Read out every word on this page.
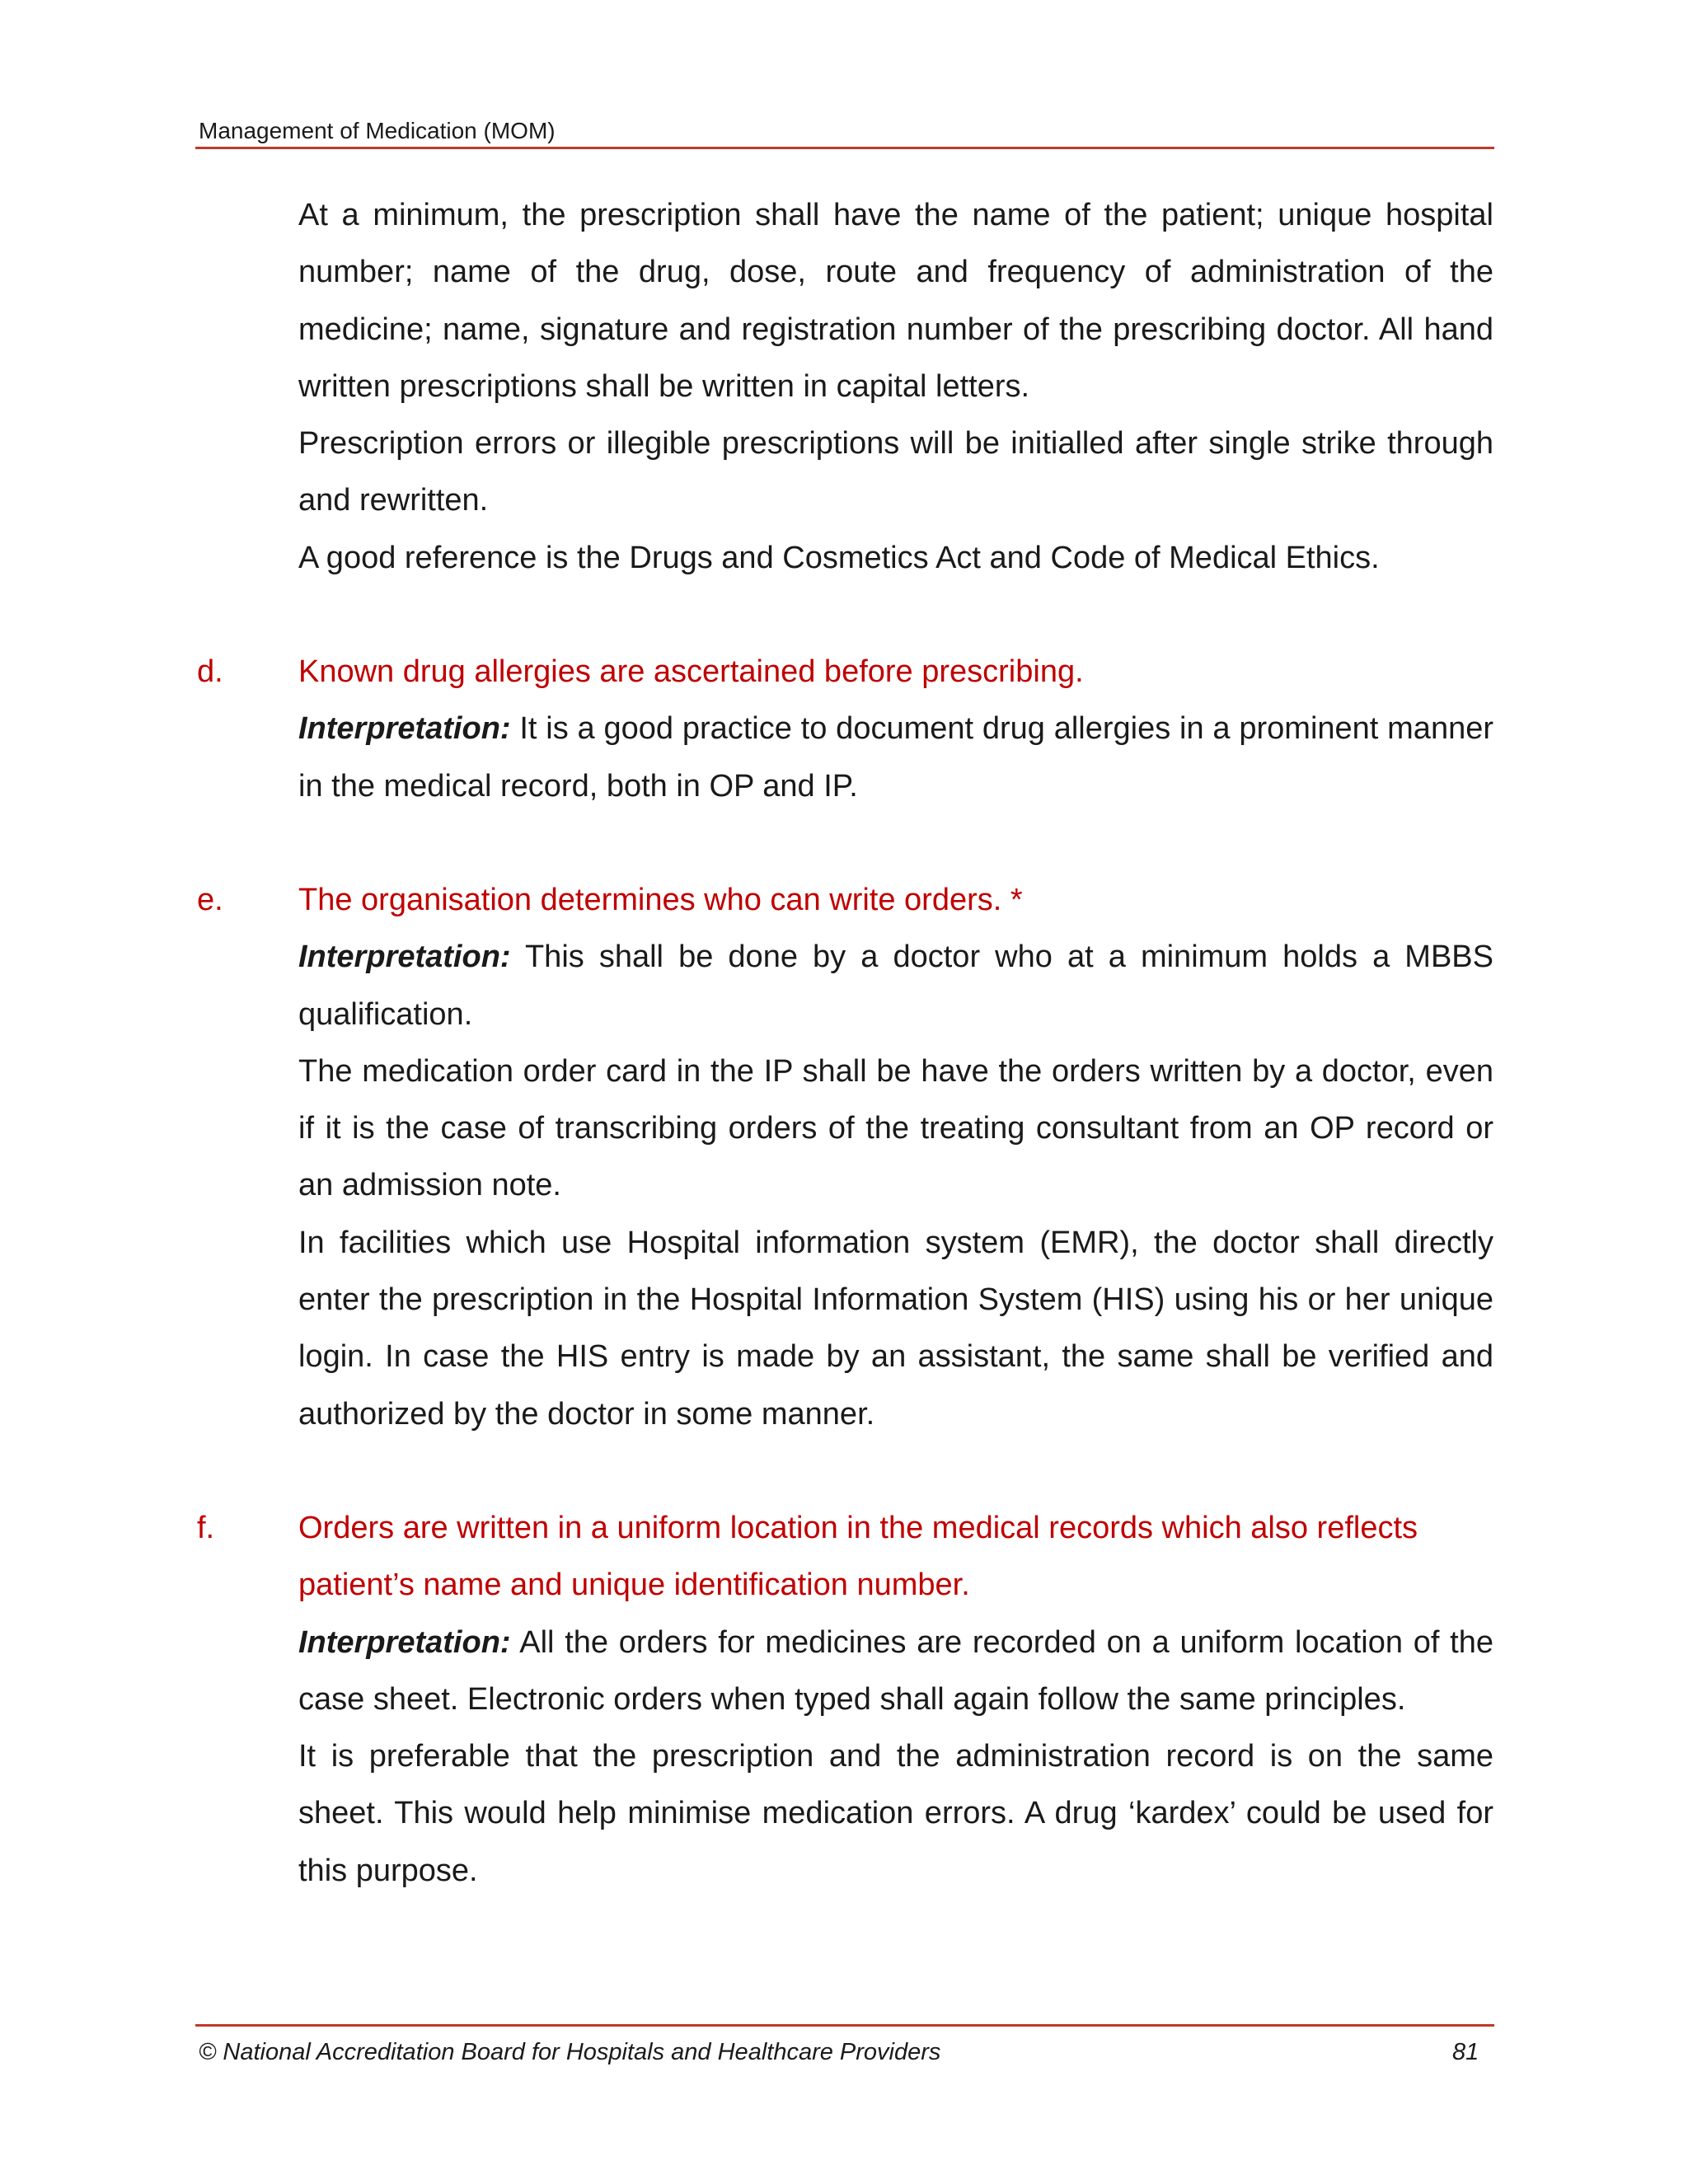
Management of Medication (MOM)

At a minimum, the prescription shall have the name of the patient; unique hospital number; name of the drug, dose, route and frequency of administration of the medicine; name, signature and registration number of the prescribing doctor. All hand written prescriptions shall be written in capital letters.

Prescription errors or illegible prescriptions will be initialled after single strike through and rewritten.

A good reference is the Drugs and Cosmetics Act and Code of Medical Ethics.

d. Known drug allergies are ascertained before prescribing.

Interpretation: It is a good practice to document drug allergies in a prominent manner in the medical record, both in OP and IP.

e. The organisation determines who can write orders. *

Interpretation: This shall be done by a doctor who at a minimum holds a MBBS qualification.

The medication order card in the IP shall be have the orders written by a doctor, even if it is the case of transcribing orders of the treating consultant from an OP record or an admission note.

In facilities which use Hospital information system (EMR), the doctor shall directly enter the prescription in the Hospital Information System (HIS) using his or her unique login. In case the HIS entry is made by an assistant, the same shall be verified and authorized by the doctor in some manner.

f.	Orders are written in a uniform location in the medical records which also reflects patient’s name and unique identification number.

Interpretation: All the orders for medicines are recorded on a uniform location of the case sheet. Electronic orders when typed shall again follow the same principles.

It is preferable that the prescription and the administration record is on the same sheet. This would help minimise medication errors. A drug ‘kardex’ could be used for this purpose.

© National Accreditation Board for Hospitals and Healthcare Providers	81
